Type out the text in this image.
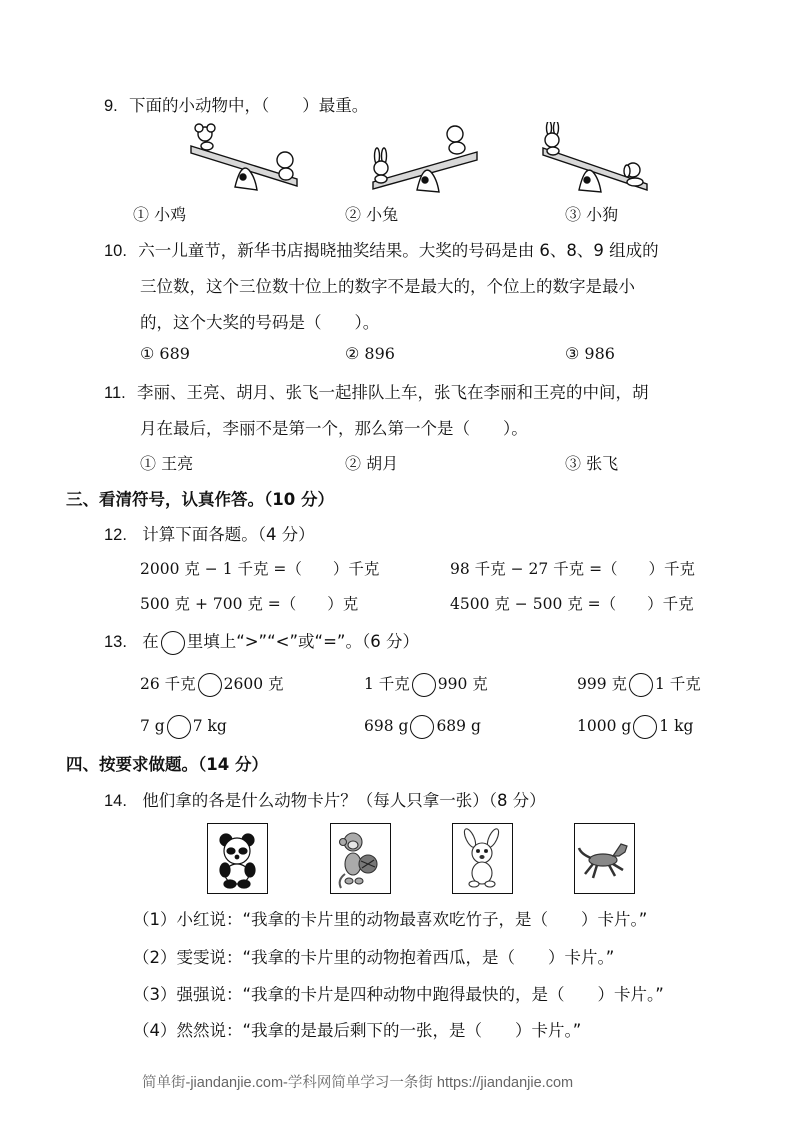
9. 下面的小动物中，（　　）最重。
① 小鸡	② 小兔	③ 小狗
10. 六一儿童节，新华书店揭晓抽奖结果。大奖的号码是由 6、8、9 组成的
三位数，这个三位数十位上的数字不是最大的，个位上的数字是最小
的，这个大奖的号码是（　　）。
① 689	② 896	③ 986
11. 李丽、王亮、胡月、张飞一起排队上车，张飞在李丽和王亮的中间，胡
月在最后，李丽不是第一个，那么第一个是（　　）。
① 王亮	② 胡月	③ 张飞
三、看清符号，认真作答。（10 分）
12. 计算下面各题。（4 分）
2000 克 − 1 千克 =（　　）千克	98 千克 − 27 千克 =（　　）千克
500 克 + 700 克 =（　　）克	4500 克 − 500 克 =（　　）千克
13. 在 里填上“>”“<”或“=”。（6 分）
26 千克 2600 克	1 千克 990 克	999 克 1 千克
7 g 7 kg	698 g 689 g	1000 g 1 kg
四、按要求做题。（14 分）
14. 他们拿的各是什么动物卡片？（每人只拿一张）（8 分）
（1）小红说：“我拿的卡片里的动物最喜欢吃竹子，是（　　）卡片。”
（2）雯雯说：“我拿的卡片里的动物抱着西瓜，是（　　）卡片。”
（3）强强说：“我拿的卡片是四种动物中跑得最快的，是（　　）卡片。”
（4）然然说：“我拿的是最后剩下的一张，是（　　）卡片。”
简单街-jiandanjie.com-学科网简单学习一条街 https://jiandanjie.com
